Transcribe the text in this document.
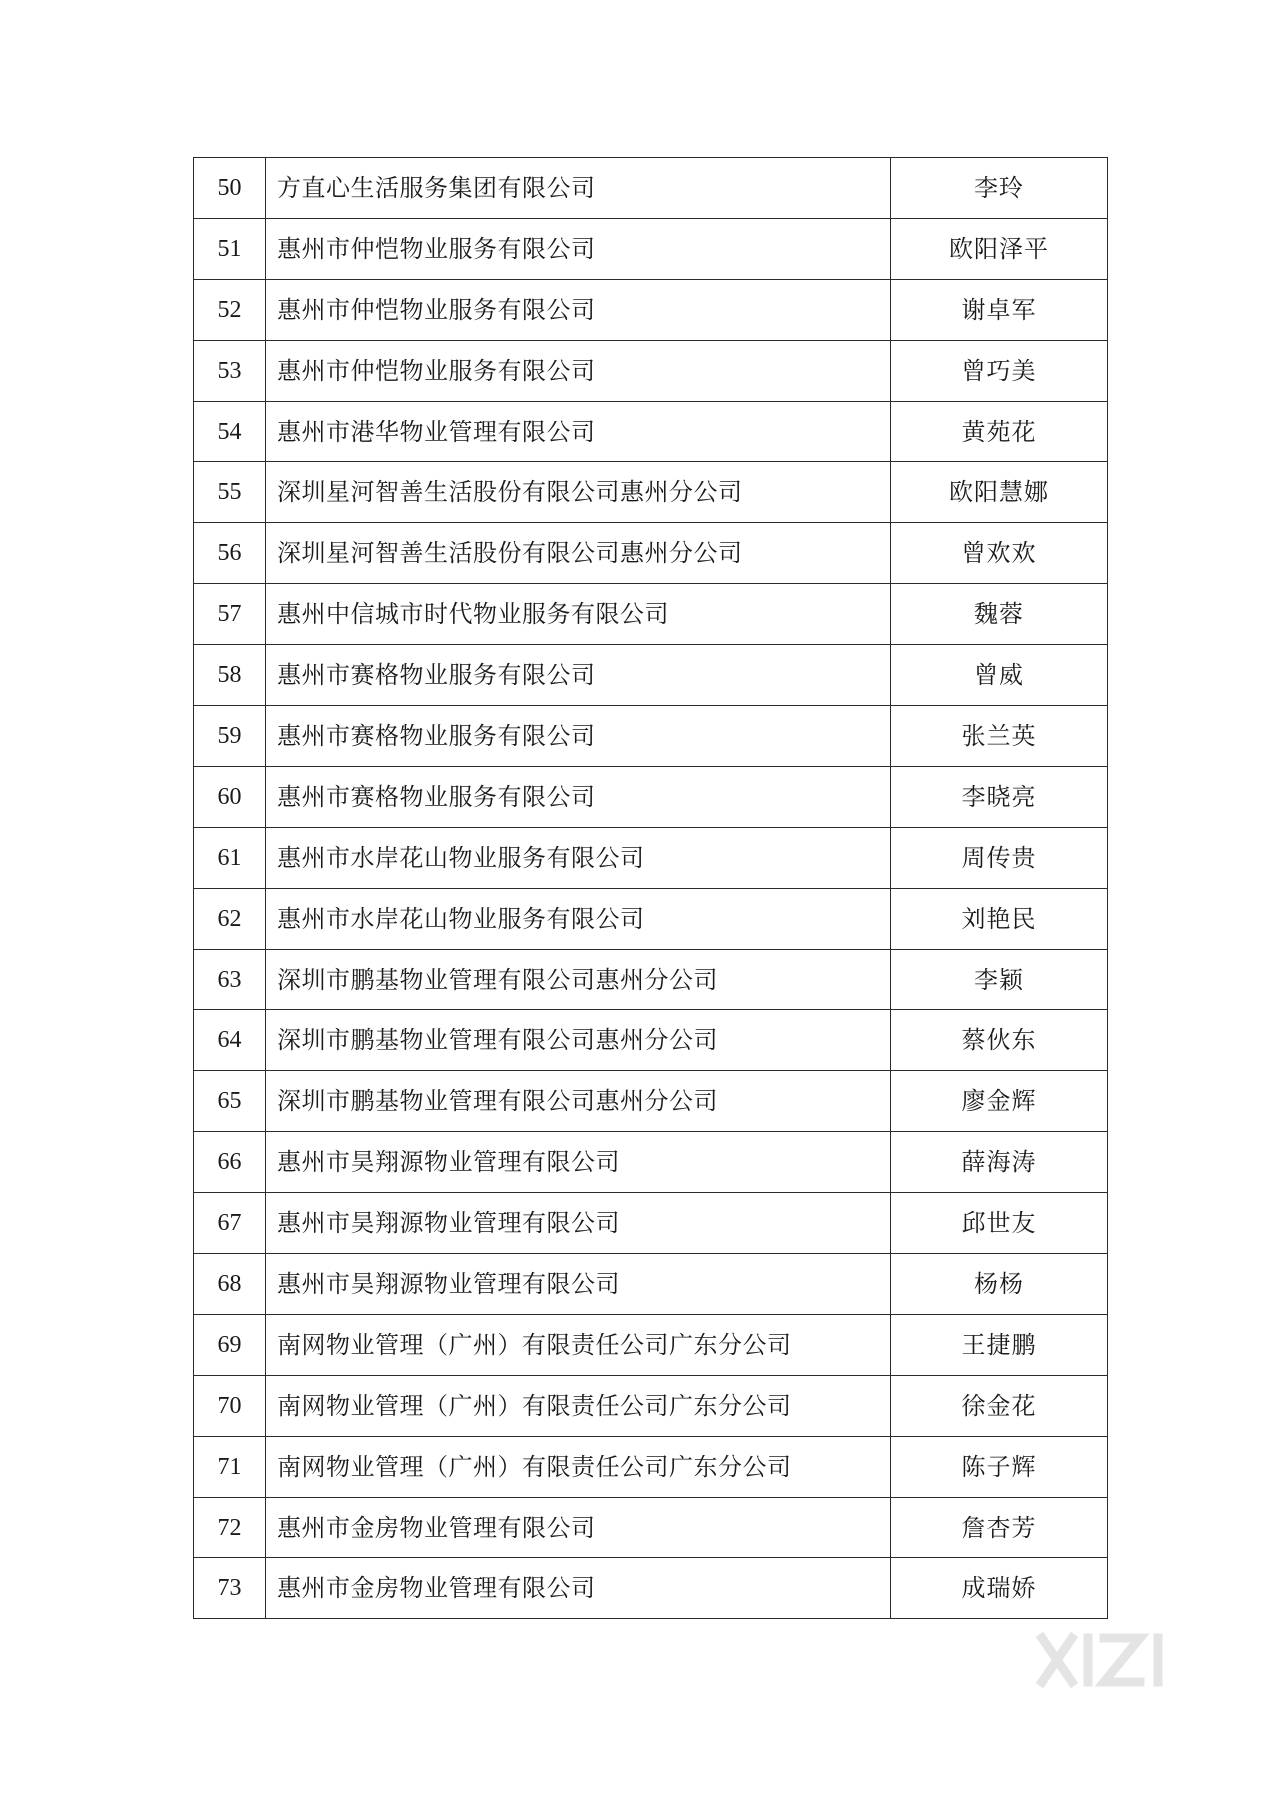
50	方直心生活服务集团有限公司	李玲
51	惠州市仲恺物业服务有限公司	欧阳泽平
52	惠州市仲恺物业服务有限公司	谢卓军
53	惠州市仲恺物业服务有限公司	曾巧美
54	惠州市港华物业管理有限公司	黄苑花
55	深圳星河智善生活股份有限公司惠州分公司	欧阳慧娜
56	深圳星河智善生活股份有限公司惠州分公司	曾欢欢
57	惠州中信城市时代物业服务有限公司	魏蓉
58	惠州市赛格物业服务有限公司	曾威
59	惠州市赛格物业服务有限公司	张兰英
60	惠州市赛格物业服务有限公司	李晓亮
61	惠州市水岸花山物业服务有限公司	周传贵
62	惠州市水岸花山物业服务有限公司	刘艳民
63	深圳市鹏基物业管理有限公司惠州分公司	李颖
64	深圳市鹏基物业管理有限公司惠州分公司	蔡伙东
65	深圳市鹏基物业管理有限公司惠州分公司	廖金辉
66	惠州市昊翔源物业管理有限公司	薛海涛
67	惠州市昊翔源物业管理有限公司	邱世友
68	惠州市昊翔源物业管理有限公司	杨杨
69	南网物业管理（广州）有限责任公司广东分公司	王捷鹏
70	南网物业管理（广州）有限责任公司广东分公司	徐金花
71	南网物业管理（广州）有限责任公司广东分公司	陈子辉
72	惠州市金房物业管理有限公司	詹杏芳
73	惠州市金房物业管理有限公司	成瑞娇
